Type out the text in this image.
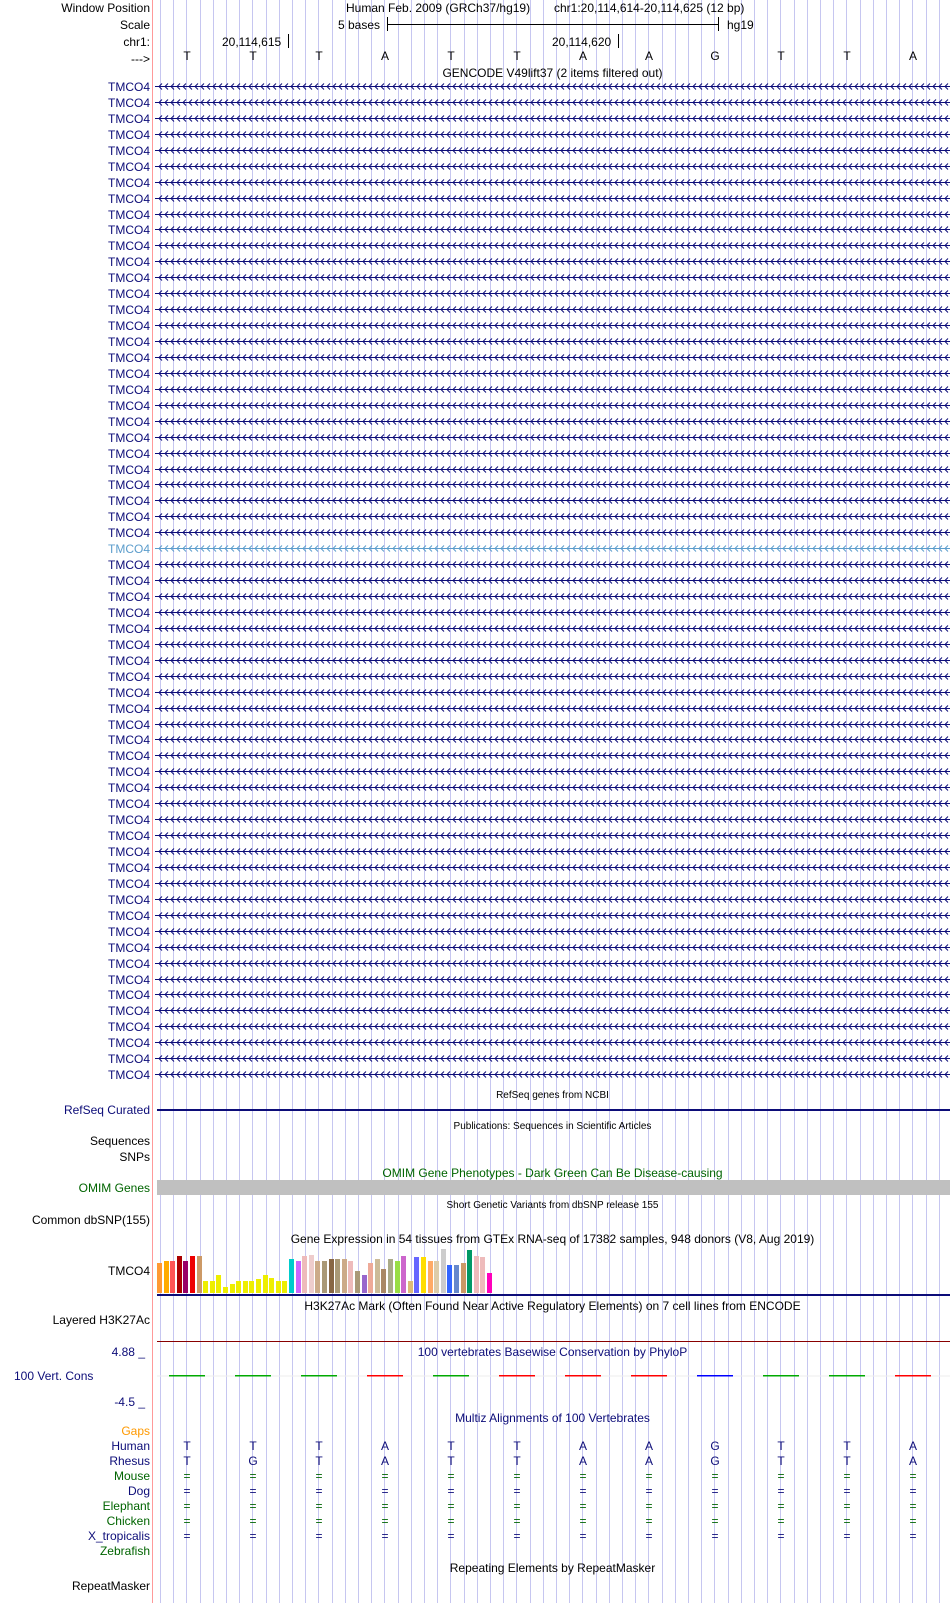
Window Position
Scale
chr1:
--->
Human Feb. 2009 (GRCh37/hg19) chr1:20,114,614-20,114,625 (12 bp)
5 bases	hg19
20,114,615	20,114,620
T	T	T	A	T	T	A	A	G	T	T	A
GENCODE V49lift37 (2 items filtered out)
TMCO4
TMCO4
TMCO4
TMCO4
TMCO4
TMCO4
TMCO4
TMCO4
TMCO4
TMCO4
TMCO4
TMCO4
TMCO4
TMCO4
TMCO4
TMCO4
TMCO4
TMCO4
TMCO4
TMCO4
TMCO4
TMCO4
TMCO4
TMCO4
TMCO4
TMCO4
TMCO4
TMCO4
TMCO4
TMCO4
TMCO4
TMCO4
TMCO4
TMCO4
TMCO4
TMCO4
TMCO4
TMCO4
TMCO4
TMCO4
TMCO4
TMCO4
TMCO4
TMCO4
TMCO4
TMCO4
TMCO4
TMCO4
TMCO4
TMCO4
TMCO4
TMCO4
TMCO4
TMCO4
TMCO4
TMCO4
TMCO4
TMCO4
TMCO4
TMCO4
TMCO4
TMCO4
TMCO4
RefSeq genes from NCBI
RefSeq Curated
Publications: Sequences in Scientific Articles
Sequences
SNPs
OMIM Gene Phenotypes - Dark Green Can Be Disease-causing
OMIM Genes
Short Genetic Variants from dbSNP release 155
Common dbSNP(155)
Gene Expression in 54 tissues from GTEx RNA-seq of 17382 samples, 948 donors (V8, Aug 2019)
TMCO4
H3K27Ac Mark (Often Found Near Active Regulatory Elements) on 7 cell lines from ENCODE
Layered H3K27Ac
100 vertebrates Basewise Conservation by PhyloP
4.88 _
100 Vert. Cons
-4.5 _
Multiz Alignments of 100 Vertebrates
Gaps
Human	T	T	T	A	T	T	A	A	G	T	T	A
Rhesus	T	G	T	A	T	T	A	A	G	T	T	A
Mouse	=	=	=	=	=	=	=	=	=	=	=	=
Dog	=	=	=	=	=	=	=	=	=	=	=	=
Elephant	=	=	=	=	=	=	=	=	=	=	=	=
Chicken	=	=	=	=	=	=	=	=	=	=	=	=
X_tropicalis	=	=	=	=	=	=	=	=	=	=	=	=
Zebrafish
Repeating Elements by RepeatMasker
RepeatMasker
